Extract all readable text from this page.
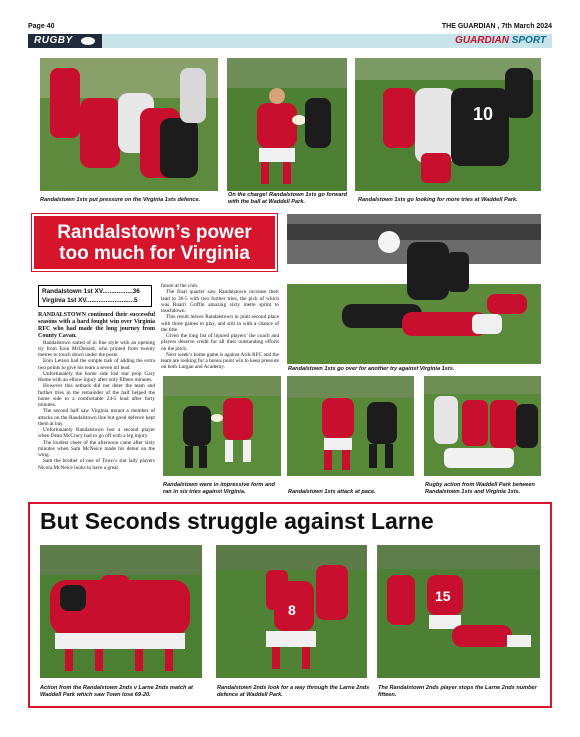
Page 40	THE GUARDIAN , 7th March 2024
RUGBY	GUARDIAN SPORT
Randalstown 1sts put pressure on the Virginia 1sts defence.
On the charge! Randalstown 1sts go forward with the ball at Waddell Park.
10
Randalstown 1sts go looking for more tries at Waddell Park.
Randalstown’s power
too much for Virginia
Randalstown 1st XV.................36
Virginia 1st XV...........................5

RANDALSTOWN continued their successful seasons with a hard fought win over Virginia RFC who had made the long journey from County Cavan.

Randalstown stated of in fine style with an opening try from Eoin McDonald, who printed from twenty metres to touch down under the posts.

Eoin Letson had the simple task of adding the extra two points to give his team a seven nil lead.

Unfortunately the home side lost star prop Gary Hume with an elbow injury after only fifteen minutes.

However this setback did not deter the team and further tries in the remainder of the half helped the home side to a comfortable 24-5 lead after forty minutes.

The second half saw Virginia mount a member of attacks on the Randalstown line but good defence kept them at bay.

Unfortunately Randalstown lost a second player when Dean McCrory had to go off with a leg injury.

The loudest cheer of the afternoon came after sixty minutes when Sam McNeice made his debut on the wing.

Sam the brother of one of Town’s star lady players Nicola McNeice looks to have a great

future at the club.

The final quarter saw Randalstown increase their lead to 36-5 with two further tries, the pick of which was Ruarri Griffin amazing sixty metre sprint to touchdown.

This result leaves Randalstown in joint second place with three games to play, and still in with a chance of the title.

Given the long list of injured players’ the coach and players deserve credit for all their outstanding efforts on the pitch.

Next week’s home game is against Ards RFC and the team are looking for a bonus point win to keep pressure on both Lurgan and Academy.	Randalstown 1sts go over for another try against Virginia 1sts.
Randalstown were in impressive form and ran in six tries against Virginia.	Randalstown 1sts attack at pace.
Rugby action from Waddell Park between Randalstown 1sts and Virginia 1sts.
But Seconds struggle against Larne
Action from the Randalstown 2nds v Larne 2nds match at Waddell Park which saw Town lose 69-20.
8
Randalstown 2nds look for a way through the Larne 2nds defence at Waddell Park.
15
The Randalstown 2nds player stops the Larne 2nds number fifteen.
